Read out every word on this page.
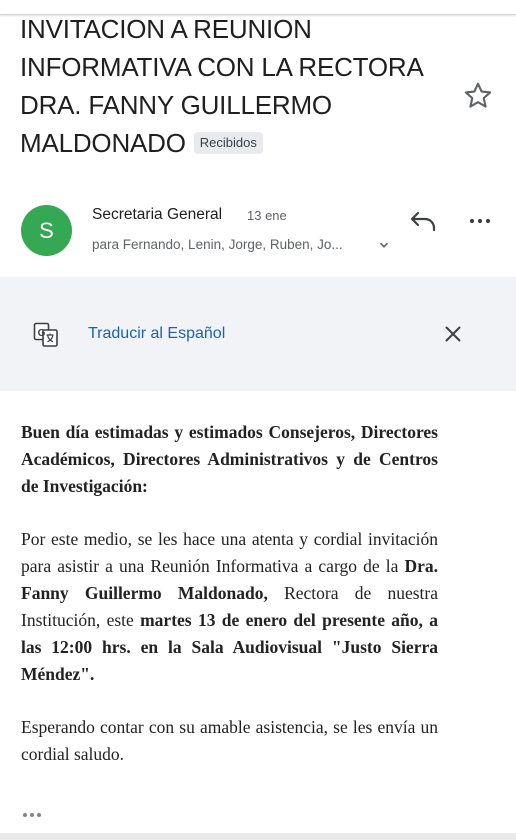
INVITACION A REUNION
INFORMATIVA CON LA RECTORA
DRA. FANNY GUILLERMO
MALDONADO Recibidos
S
Secretaria General 13 ene
para Fernando, Lenin, Jorge, Ruben, Jo...
G	Traducir al Español

Buen día estimadas y estimados Consejeros, Directores Académicos, Directores Administrativos y de Centros de Investigación:

Por este medio, se les hace una atenta y cordial invitación para asistir a una Reunión Informativa a cargo de la Dra. Fanny Guillermo Maldonado, Rectora de nuestra Institución, este martes 13 de enero del presente año, a las 12:00 hrs. en la Sala Audiovisual "Justo Sierra Méndez".

Esperando contar con su amable asistencia, se les envía un cordial saludo.
